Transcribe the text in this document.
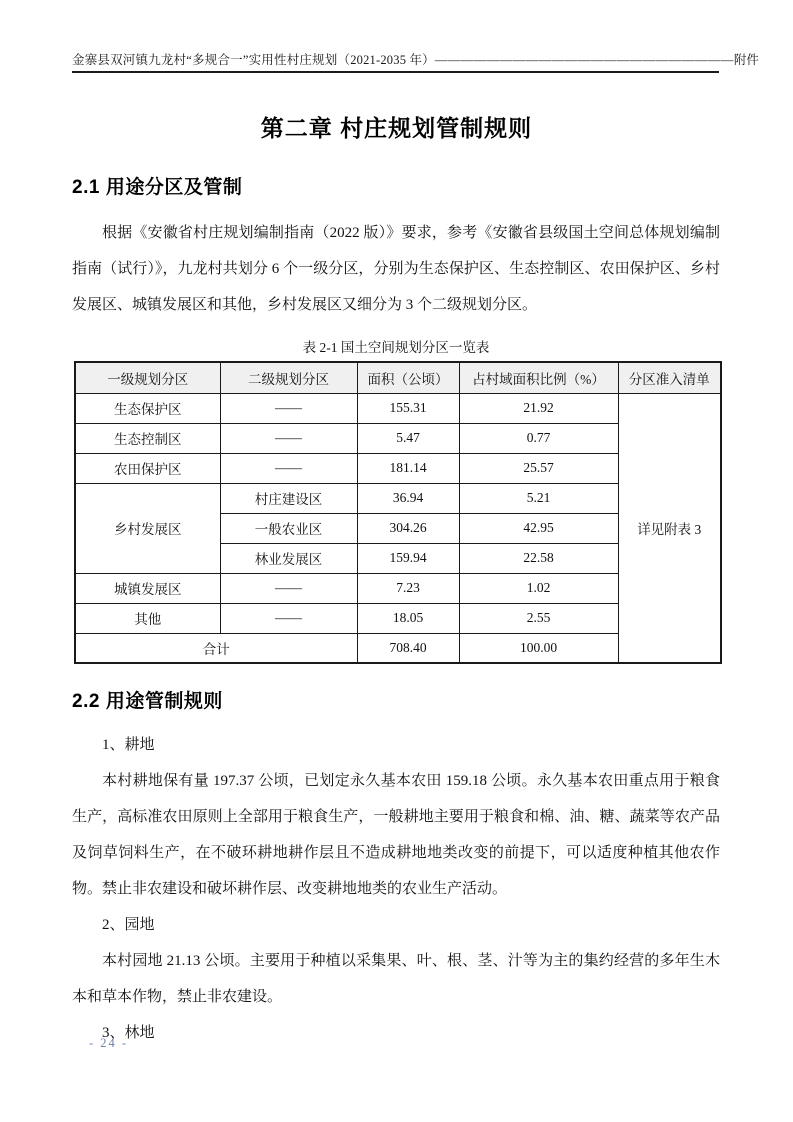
金寨县双河镇九龙村“多规合一”实用性村庄规划（2021-2035 年） ——————————————————————— 附件
第二章 村庄规划管制规则
2.1 用途分区及管制

根据《安徽省村庄规划编制指南（2022 版）》要求，参考《安徽省县级国土空间总体规划编制指南（试行）》，九龙村共划分 6 个一级分区，分别为生态保护区、生态控制区、农田保护区、乡村发展区、城镇发展区和其他，乡村发展区又细分为 3 个二级规划分区。

表 2-1 国土空间规划分区一览表
一级规划分区	二级规划分区	面积（公顷）	占村域面积比例（%）	分区准入清单
生态保护区	——	155.31	21.92	详见附表 3
生态控制区	——	5.47	0.77	
农田保护区	——	181.14	25.57	
乡村发展区	村庄建设区	36.94	5.21	
	一般农业区	304.26	42.95	
	林业发展区	159.94	22.58	
城镇发展区	——	7.23	1.02	
其他	——	18.05	2.55	
合计		708.40	100.00	
2.2 用途管制规则
1、耕地

本村耕地保有量 197.37 公顷，已划定永久基本农田 159.18 公顷。永久基本农田重点用于粮食生产，高标准农田原则上全部用于粮食生产，一般耕地主要用于粮食和棉、油、糖、蔬菜等农产品及饲草饲料生产，在不破环耕地耕作层且不造成耕地地类改变的前提下，可以适度种植其他农作物。禁止非农建设和破坏耕作层、改变耕地地类的农业生产活动。

2、园地

本村园地 21.13 公顷。主要用于种植以采集果、叶、根、茎、汁等为主的集约经营的多年生木本和草本作物，禁止非农建设。

3、林地
- 24 -
